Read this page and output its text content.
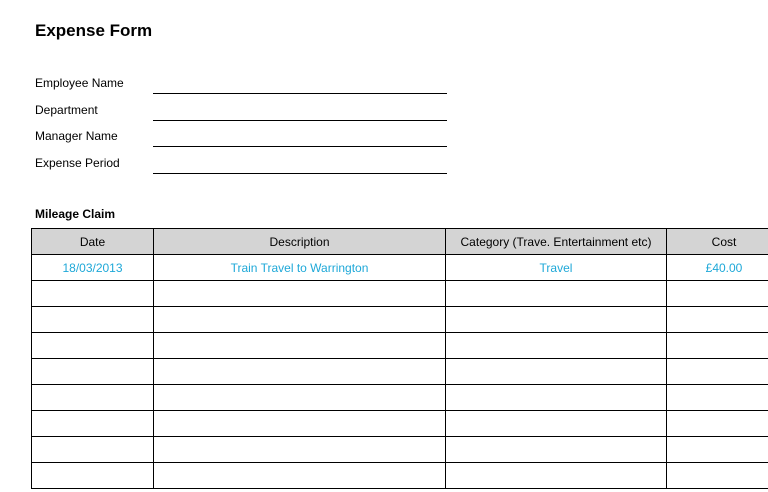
Expense Form
Employee Name
Department
Manager Name
Expense Period
Mileage Claim
Date	Description	Category (Trave. Entertainment etc)	Cost
18/03/2013	Train Travel to Warrington	Travel	£40.00
